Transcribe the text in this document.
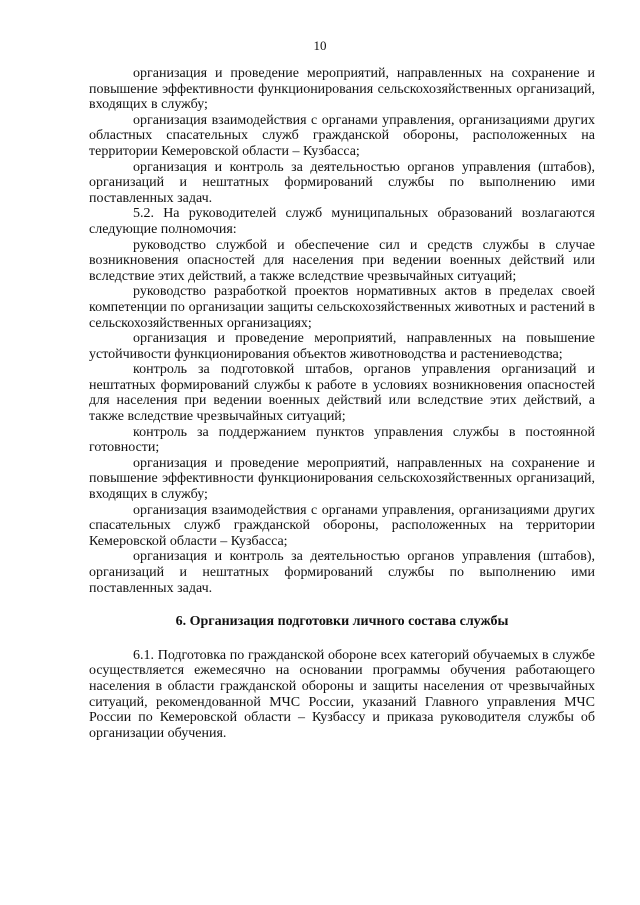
10

организация и проведение мероприятий, направленных на сохранение и повышение эффективности функционирования сельскохозяйственных организаций, входящих в службу;

организация взаимодействия с органами управления, организациями других областных спасательных служб гражданской обороны, расположенных на территории Кемеровской области – Кузбасса;

организация и контроль за деятельностью органов управления (штабов), организаций и нештатных формирований службы по выполнению ими поставленных задач.

5.2. На руководителей служб муниципальных образований возлагаются следующие полномочия:

руководство службой и обеспечение сил и средств службы в случае возникновения опасностей для населения при ведении военных действий или вследствие этих действий, а также вследствие чрезвычайных ситуаций;

руководство разработкой проектов нормативных актов в пределах своей компетенции по организации защиты сельскохозяйственных животных и растений в сельскохозяйственных организациях;

организация и проведение мероприятий, направленных на повышение устойчивости функционирования объектов животноводства и растениеводства;

контроль за подготовкой штабов, органов управления организаций и нештатных формирований службы к работе в условиях возникновения опасностей для населения при ведении военных действий или вследствие этих действий, а также вследствие чрезвычайных ситуаций;

контроль за поддержанием пунктов управления службы в постоянной готовности;

организация и проведение мероприятий, направленных на сохранение и повышение эффективности функционирования сельскохозяйственных организаций, входящих в службу;

организация взаимодействия с органами управления, организациями других спасательных служб гражданской обороны, расположенных на территории Кемеровской области – Кузбасса;

организация и контроль за деятельностью органов управления (штабов), организаций и нештатных формирований службы по выполнению ими поставленных задач.

6. Организация подготовки личного состава службы

6.1. Подготовка по гражданской обороне всех категорий обучаемых в службе осуществляется ежемесячно на основании программы обучения работающего населения в области гражданской обороны и защиты населения от чрезвычайных ситуаций, рекомендованной МЧС России, указаний Главного управления МЧС России по Кемеровской области – Кузбассу и приказа руководителя службы об организации обучения.
